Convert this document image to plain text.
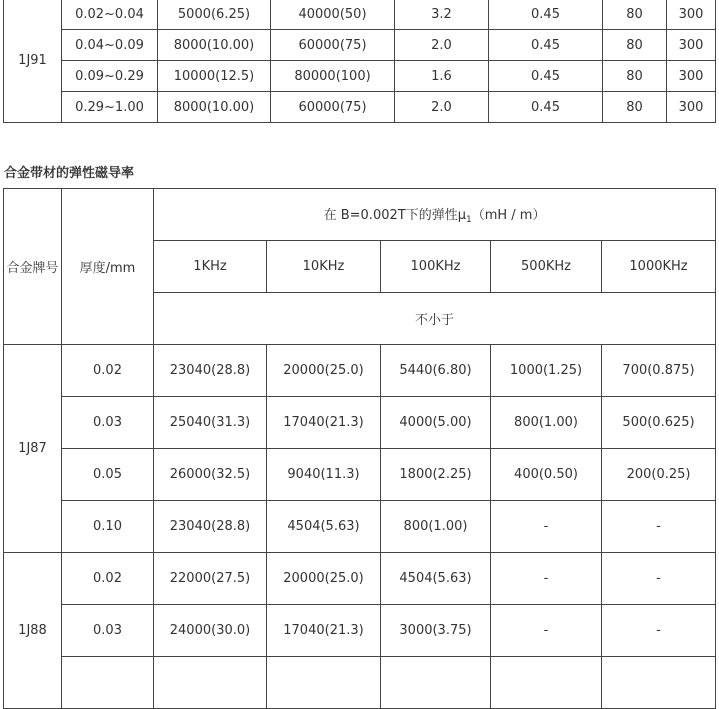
1J91	0.02~0.04	5000(6.25)	40000(50)	3.2	0.45	80	300
	0.04~0.09	8000(10.00)	60000(75)	2.0	0.45	80	300
	0.09~0.29	10000(12.5)	80000(100)	1.6	0.45	80	300
	0.29~1.00	8000(10.00)	60000(75)	2.0	0.45	80	300
合金带材的弹性磁导率
合金牌号	厚度/mm	在 B=0.002T下的弹性$\mu_1(mH / m)$				
		1KHz	10KHz	100KHz	500KHz	1000KHz
		不小于				
1J87	0.02	23040(28.8)	20000(25.0)	5440(6.80)	1000(1.25)	700(0.875)
	0.03	25040(31.3)	17040(21.3)	4000(5.00)	800(1.00)	500(0.625)
	0.05	26000(32.5)	9040(11.3)	1800(2.25)	400(0.50)	200(0.25)
	0.10	23040(28.8)	4504(5.63)	800(1.00)	-	-
1J88	0.02	22000(27.5)	20000(25.0)	4504(5.63)	-	-
	0.03	24000(30.0)	17040(21.3)	3000(3.75)	-	-
